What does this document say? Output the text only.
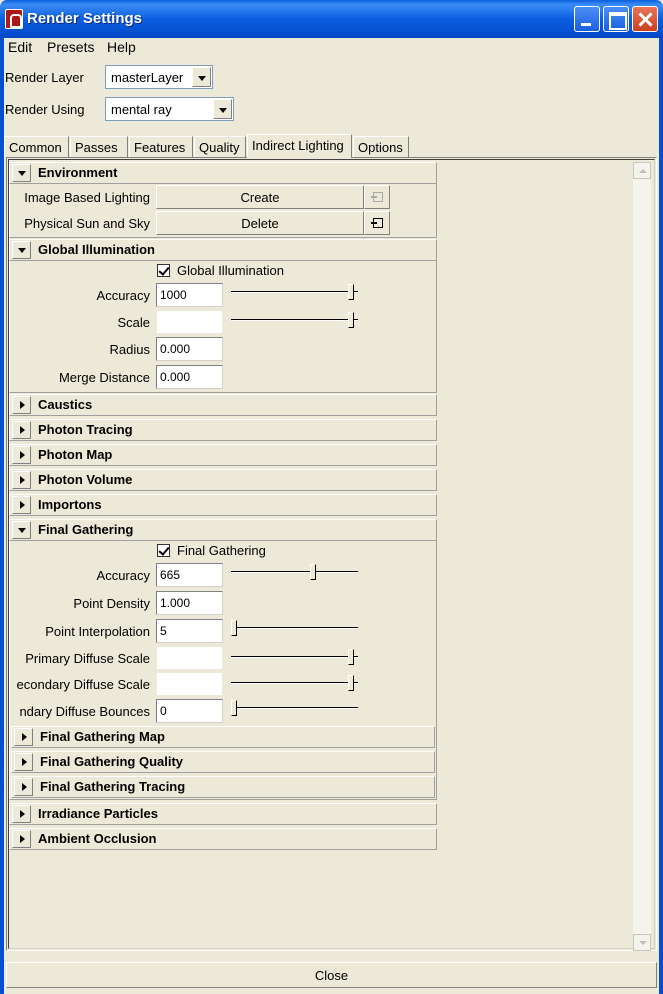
Render Settings
Edit Presets Help
Render Layer masterLayer
Render Using mental ray
Common	Passes	Features	Quality Indirect Lighting	Options
Environment
Image Based Lighting	Create
Physical Sun and Sky	Delete
Global Illumination
Global Illumination
Accuracy 1000
Scale
Radius 0.000
Merge Distance 0.000
Caustics
Photon Tracing
Photon Map
Photon Volume
Importons
Final Gathering
Final Gathering
Accuracy 665
Point Density 1.000
Point Interpolation 5
Primary Diffuse Scale
econdary Diffuse Scale
ndary Diffuse Bounces 0
Final Gathering Map
Final Gathering Quality
Final Gathering Tracing
Irradiance Particles
Ambient Occlusion
Close
